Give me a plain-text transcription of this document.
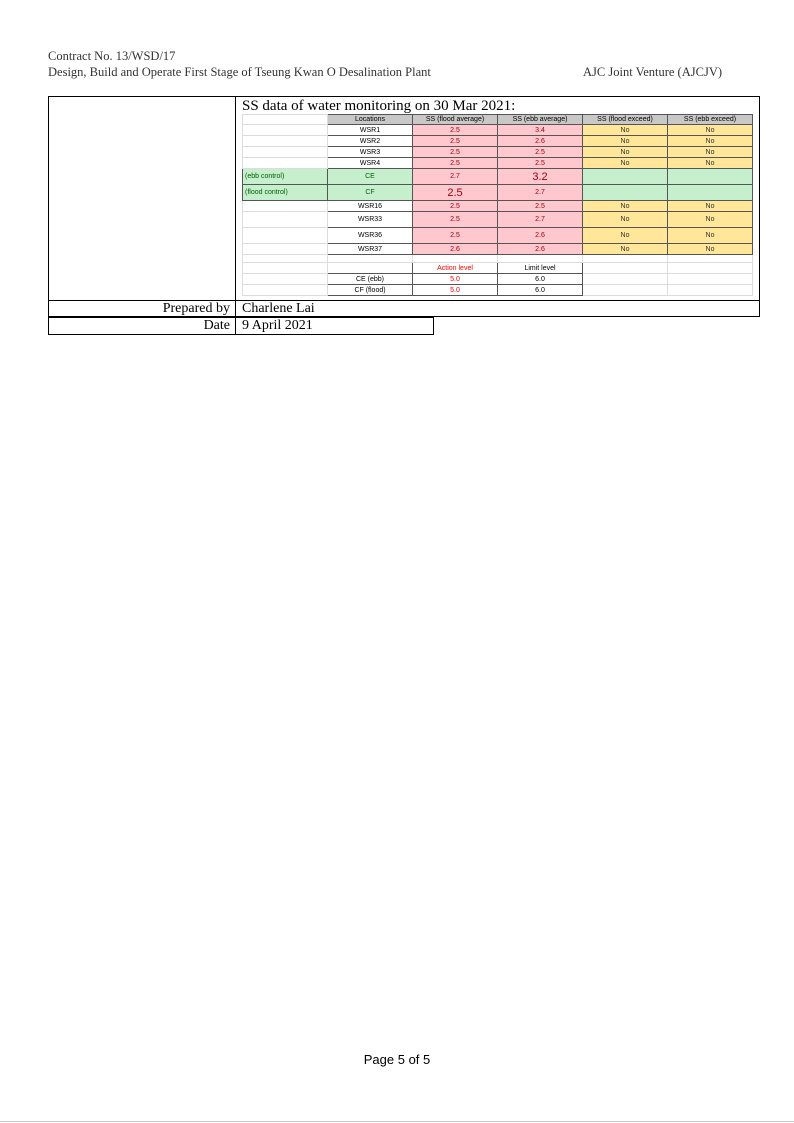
Contract No. 13/WSD/17
Design, Build and Operate First Stage of Tseung Kwan O Desalination Plant	AJC Joint Venture (AJCJV)
SS data of water monitoring on 30 Mar 2021:
	Locations	SS (flood average)	SS (ebb average)	SS (flood exceed)	SS (ebb exceed)
	WSR1	2.5	3.4	No	No
	WSR2	2.5	2.6	No	No
	WSR3	2.5	2.5	No	No
	WSR4	2.5	2.5	No	No
(ebb control)	CE	2.7	3.2		
(flood control)	CF	2.5	2.7		
	WSR16	2.5	2.5	No	No
	WSR33	2.5	2.7	No	No
	WSR36	2.5	2.6	No	No
	WSR37	2.6	2.6	No	No

		Action level	Limit level		
	CE (ebb)	5.0	6.0		
	CF (flood)	5.0	6.0		
Prepared by Charlene Lai
Date 9 April 2021
Page 5 of 5
